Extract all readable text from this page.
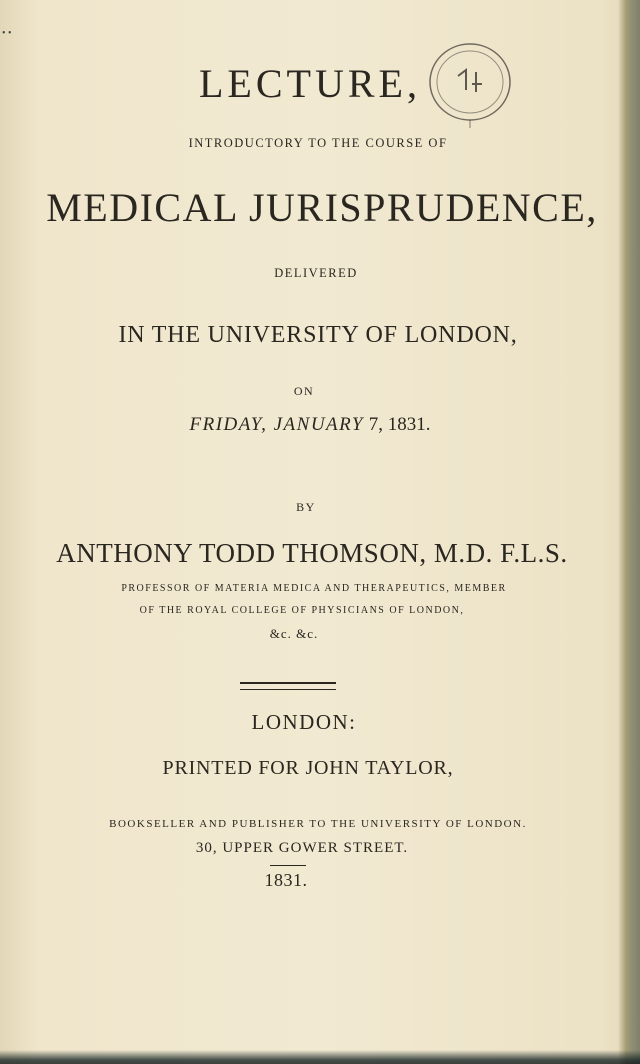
• •
LECTURE,
INTRODUCTORY TO THE COURSE OF
MEDICAL JURISPRUDENCE,
DELIVERED
IN THE UNIVERSITY OF LONDON,
ON
FRIDAY, JANUARY 7, 1831.
BY
ANTHONY TODD THOMSON, M.D. F.L.S.
PROFESSOR OF MATERIA MEDICA AND THERAPEUTICS, MEMBER
OF THE ROYAL COLLEGE OF PHYSICIANS OF LONDON,
&c. &c.
LONDON:
PRINTED FOR JOHN TAYLOR,
BOOKSELLER AND PUBLISHER TO THE UNIVERSITY OF LONDON.
30, UPPER GOWER STREET.
1831.
